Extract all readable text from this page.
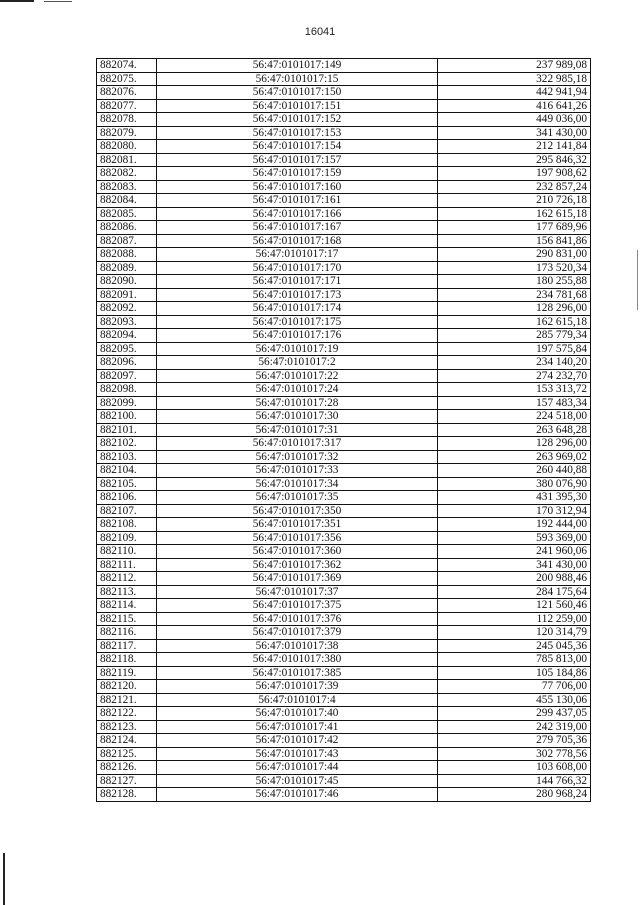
16041
882074.	56:47:0101017:149	237 989,08
882075.	56:47:0101017:15	322 985,18
882076.	56:47:0101017:150	442 941,94
882077.	56:47:0101017:151	416 641,26
882078.	56:47:0101017:152	449 036,00
882079.	56:47:0101017:153	341 430,00
882080.	56:47:0101017:154	212 141,84
882081.	56:47:0101017:157	295 846,32
882082.	56:47:0101017:159	197 908,62
882083.	56:47:0101017:160	232 857,24
882084.	56:47:0101017:161	210 726,18
882085.	56:47:0101017:166	162 615,18
882086.	56:47:0101017:167	177 689,96
882087.	56:47:0101017:168	156 841,86
882088.	56:47:0101017:17	290 831,00
882089.	56:47:0101017:170	173 520,34
882090.	56:47:0101017:171	180 255,88
882091.	56:47:0101017:173	234 781,68
882092.	56:47:0101017:174	128 296,00
882093.	56:47:0101017:175	162 615,18
882094.	56:47:0101017:176	285 779,34
882095.	56:47:0101017:19	197 575,84
882096.	56:47:0101017:2	234 140,20
882097.	56:47:0101017:22	274 232,70
882098.	56:47:0101017:24	153 313,72
882099.	56:47:0101017:28	157 483,34
882100.	56:47:0101017:30	224 518,00
882101.	56:47:0101017:31	263 648,28
882102.	56:47:0101017:317	128 296,00
882103.	56:47:0101017:32	263 969,02
882104.	56:47:0101017:33	260 440,88
882105.	56:47:0101017:34	380 076,90
882106.	56:47:0101017:35	431 395,30
882107.	56:47:0101017:350	170 312,94
882108.	56:47:0101017:351	192 444,00
882109.	56:47:0101017:356	593 369,00
882110.	56:47:0101017:360	241 960,06
882111.	56:47:0101017:362	341 430,00
882112.	56:47:0101017:369	200 988,46
882113.	56:47:0101017:37	284 175,64
882114.	56:47:0101017:375	121 560,46
882115.	56:47:0101017:376	112 259,00
882116.	56:47:0101017:379	120 314,79
882117.	56:47:0101017:38	245 045,36
882118.	56:47:0101017:380	785 813,00
882119.	56:47:0101017:385	105 184,86
882120.	56:47:0101017:39	77 706,00
882121.	56:47:0101017:4	455 130,06
882122.	56:47:0101017:40	299 437,05
882123.	56:47:0101017:41	242 319,00
882124.	56:47:0101017:42	279 705,36
882125.	56:47:0101017:43	302 778,56
882126.	56:47:0101017:44	103 608,00
882127.	56:47:0101017:45	144 766,32
882128.	56:47:0101017:46	280 968,24
